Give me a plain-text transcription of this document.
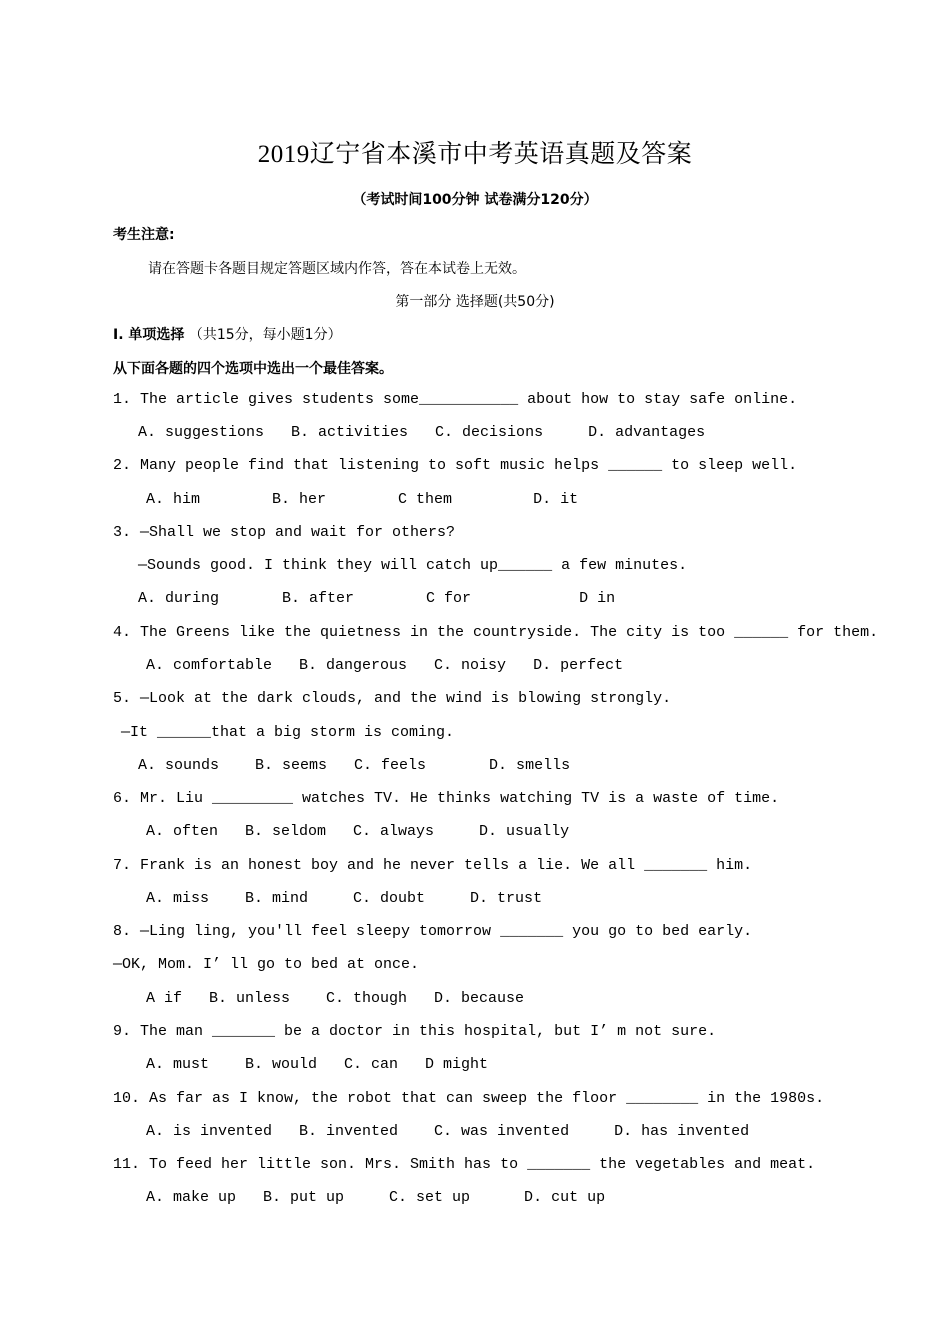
2019辽宁省本溪市中考英语真题及答案
（考试时间100分钟 试卷满分120分）
考生注意:
请在答题卡各题目规定答题区域内作答，答在本试卷上无效。
第一部分 选择题(共50分)
Ⅰ. 单项选择 （共15分，每小题1分）
从下面各题的四个选项中选出一个最佳答案。
1. The article gives students some___________ about how to stay safe online.
A. suggestions   B. activities   C. decisions     D. advantages
2. Many people find that listening to soft music helps ______ to sleep well.
A. him        B. her        C them         D. it
3. —Shall we stop and wait for others?
—Sounds good. I think they will catch up______ a few minutes.
A. during       B. after        C for            D in
4. The Greens like the quietness in the countryside. The city is too ______ for them.
A. comfortable   B. dangerous   C. noisy   D. perfect
5. —Look at the dark clouds, and the wind is blowing strongly.
—It ______that a big storm is coming.
A. sounds    B. seems   C. feels       D. smells
6. Mr. Liu _________ watches TV. He thinks watching TV is a waste of time.
A. often   B. seldom   C. always     D. usually
7. Frank is an honest boy and he never tells a lie. We all _______ him.
A. miss    B. mind     C. doubt     D. trust
8. —Ling ling, you'll feel sleepy tomorrow _______ you go to bed early.
—OK, Mom. I’ ll go to bed at once.
A if   B. unless    C. though   D. because
9. The man _______ be a doctor in this hospital, but I’ m not sure.
A. must    B. would   C. can   D might
10. As far as I know, the robot that can sweep the floor ________ in the 1980s.
A. is invented   B. invented    C. was invented     D. has invented
11. To feed her little son. Mrs. Smith has to _______ the vegetables and meat.
A. make up   B. put up     C. set up      D. cut up
